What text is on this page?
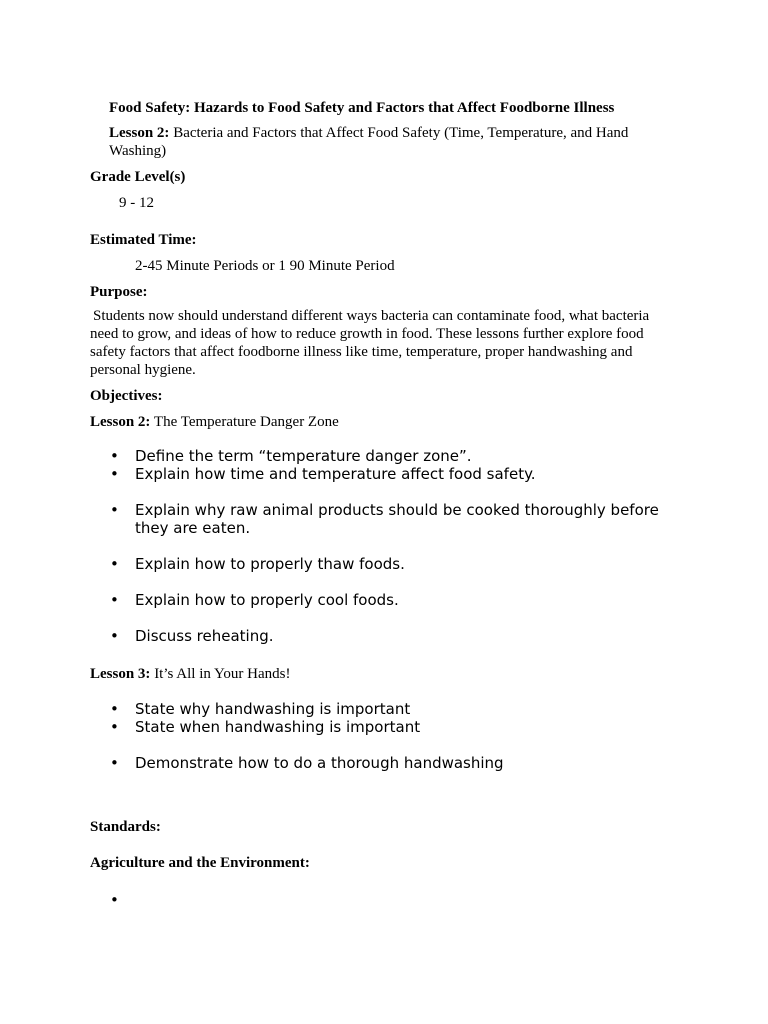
Food Safety: Hazards to Food Safety and Factors that Affect Foodborne Illness

Lesson 2: Bacteria and Factors that Affect Food Safety (Time, Temperature, and Hand Washing)

Grade Level(s)

9 - 12

Estimated Time:

2-45 Minute Periods or 1 90 Minute Period

Purpose:

Students now should understand different ways bacteria can contaminate food, what bacteria need to grow, and ideas of how to reduce growth in food. These lessons further explore food safety factors that affect foodborne illness like time, temperature, proper handwashing and personal hygiene.

Objectives:

Lesson 2: The Temperature Danger Zone

• Define the term “temperature danger zone”.
• Explain how time and temperature affect food safety.
• Explain why raw animal products should be cooked thoroughly before they are eaten.
• Explain how to properly thaw foods.
• Explain how to properly cool foods.
• Discuss reheating.

Lesson 3: It’s All in Your Hands!

• State why handwashing is important
• State when handwashing is important
• Demonstrate how to do a thorough handwashing

Standards:

Agriculture and the Environment:

•
